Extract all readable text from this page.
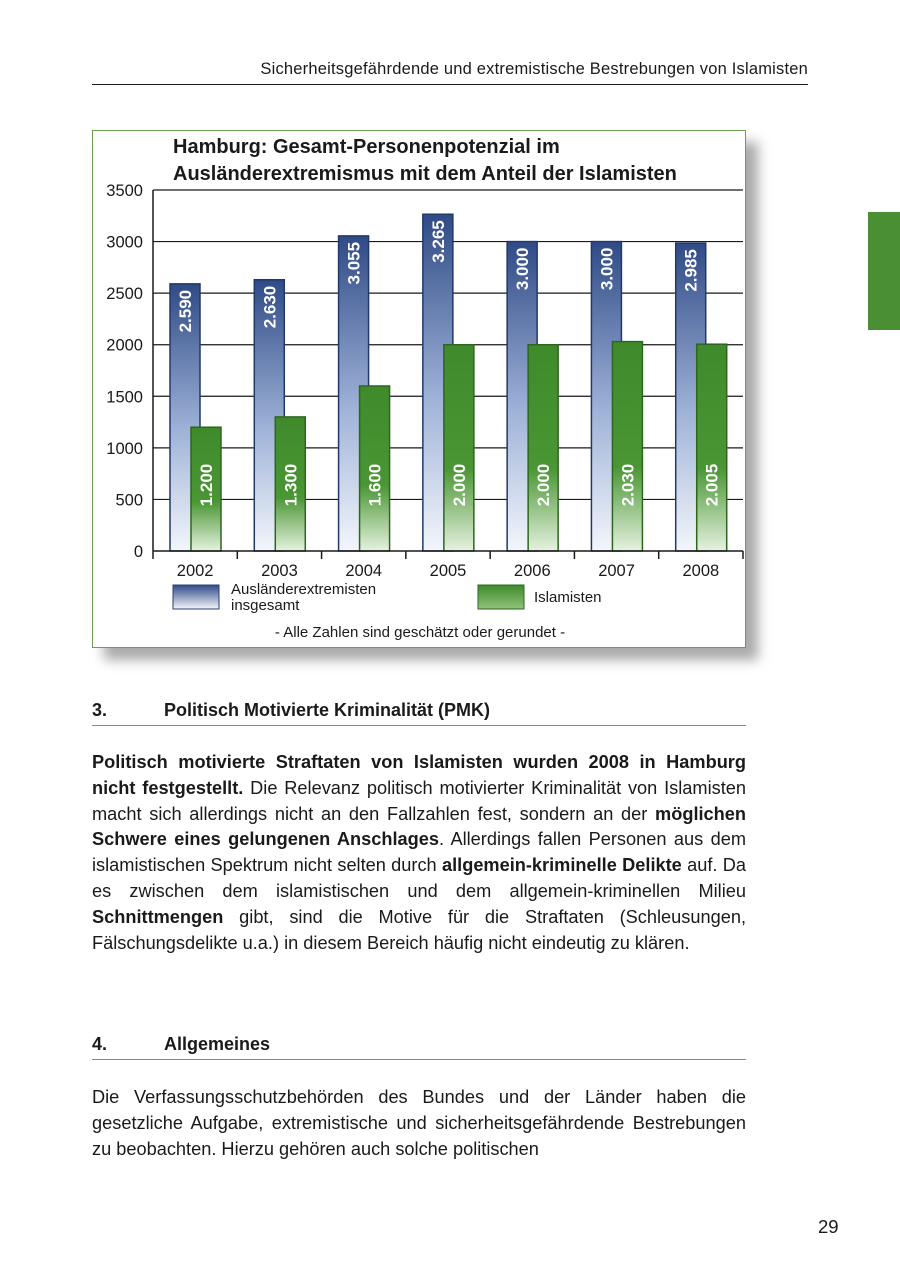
Sicherheitsgefährdende und extremistische Bestrebungen von Islamisten
Hamburg: Gesamt-Personenpotenzial im
Ausländerextremismus mit dem Anteil der Islamisten
0
500
1000
1500
2000
2500
3000
3500
2002	2003	2004	2005	2006	2007	2008
2.590
1.200
2.630
1.300
3.055
1.600
3.265
2.000
3.000
2.000
3.000
2.030
2.985
2.005
Ausländerextremisten
insgesamt	Islamisten
- Alle Zahlen sind geschätzt oder gerundet -
3.	Politisch Motivierte Kriminalität (PMK)
Politisch motivierte Straftaten von Islamisten wurden 2008 in Hamburg nicht festgestellt. Die Relevanz politisch motivierter Kriminalität von Islamisten macht sich allerdings nicht an den Fallzahlen fest, sondern an der möglichen Schwere eines gelungenen Anschlages. Allerdings fallen Personen aus dem islamistischen Spektrum nicht selten durch allgemein-kriminelle Delikte auf. Da es zwischen dem islamistischen und dem allgemein-kriminellen Milieu Schnittmengen gibt, sind die Motive für die Straftaten (Schleusungen, Fälschungsdelikte u.a.) in diesem Bereich häufig nicht eindeutig zu klären.
4.	Allgemeines
Die Verfassungsschutzbehörden des Bundes und der Länder haben die gesetzliche Aufgabe, extremistische und sicherheitsgefährdende Bestrebungen zu beobachten. Hierzu gehören auch solche politischen
29
